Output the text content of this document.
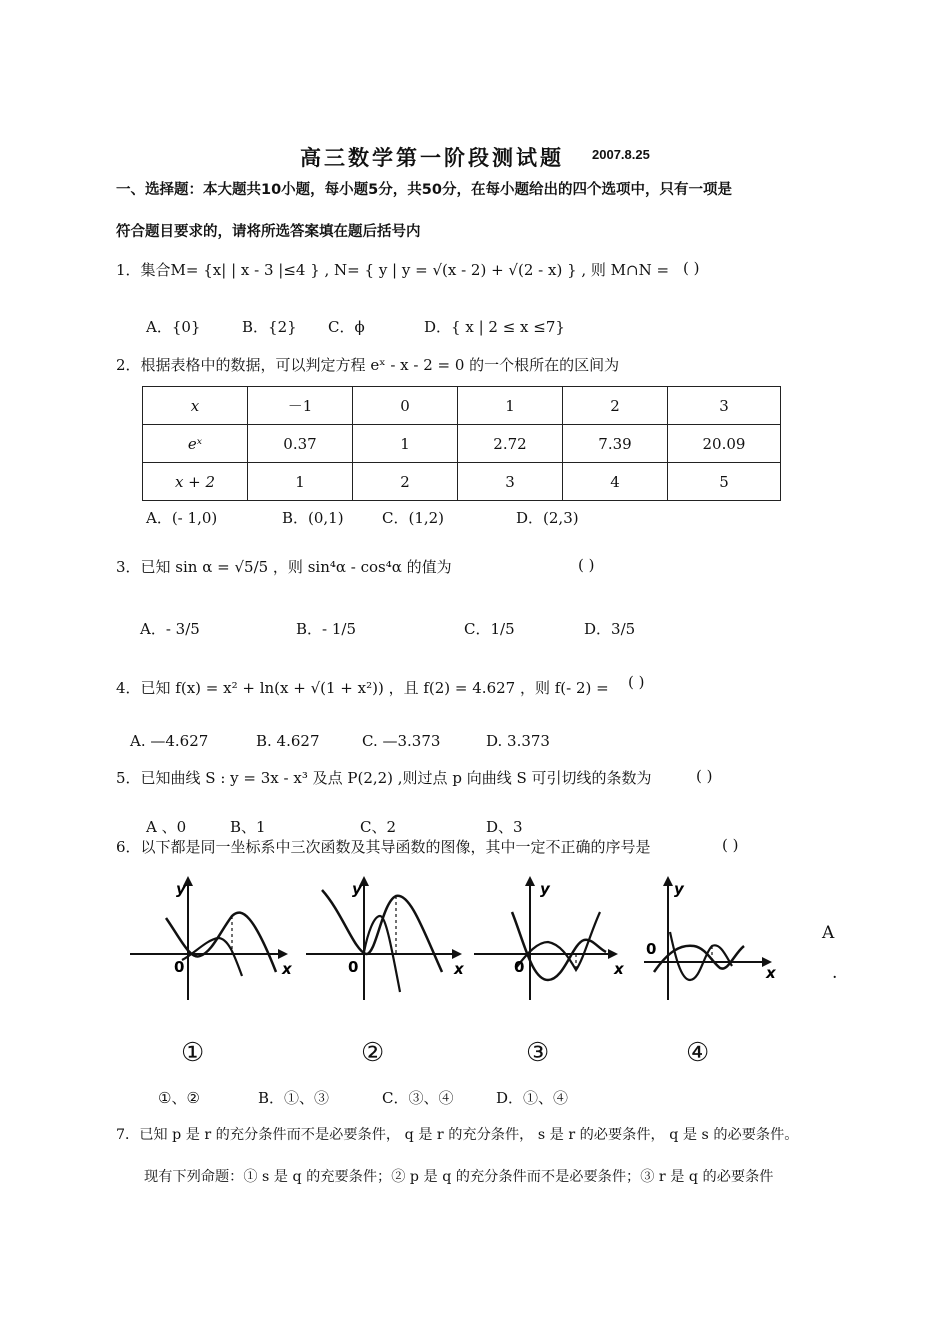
高三数学第一阶段测试题 2007.8.25
一、选择题：本大题共10小题，每小题5分，共50分，在每小题给出的四个选项中，只有一项是
符合题目要求的，请将所选答案填在题后括号内
1．集合M= {x| | x - 3 |≤4 } , N= { y | y = √(x - 2) + √(2 - x) } , 则 M∩N = ( )
A．{0}	B．{2} C．ϕ	D．{ x | 2 ≤ x ≤7}
2．根据表格中的数据，可以判定方程 eˣ - x - 2 = 0 的一个根所在的区间为
x	－1	0	1	2	3
eˣ	0.37	1	2.72	7.39	20.09
x + 2	1	2	3	4	5
A．(- 1,0)	B．(0,1)	C．(1,2)	D．(2,3)
3．已知 sin α = √5/5 ，则 sin⁴α - cos⁴α 的值为	( )
A．- 3/5	B．- 1/5	C．1/5	D．3/5
4．已知 f(x) = x² + ln(x + √(1 + x²)) ，且 f(2) = 4.627 ，则 f(- 2) = ( )
A. —4.627	B. 4.627	C. —3.373	D. 3.373
5．已知曲线 S : y = 3x - x³ 及点 P(2,2) ,则过点 p 向曲线 S 可引切线的条数为	( )
A 、0	B、1	C、2	D、3
6．以下都是同一坐标系中三次函数及其导函数的图像，其中一定不正确的序号是	( )
y
x
0
y
x
0
y
x
0
y
x
0
①	②	③	④
A
.
①、②	B．①、③	C．③、④	D．①、④
7．已知 p 是 r 的充分条件而不是必要条件， q 是 r 的充分条件， s 是 r 的必要条件， q 是 s 的必要条件。
现有下列命题：① s 是 q 的充要条件；② p 是 q 的充分条件而不是必要条件；③ r 是 q 的必要条件
